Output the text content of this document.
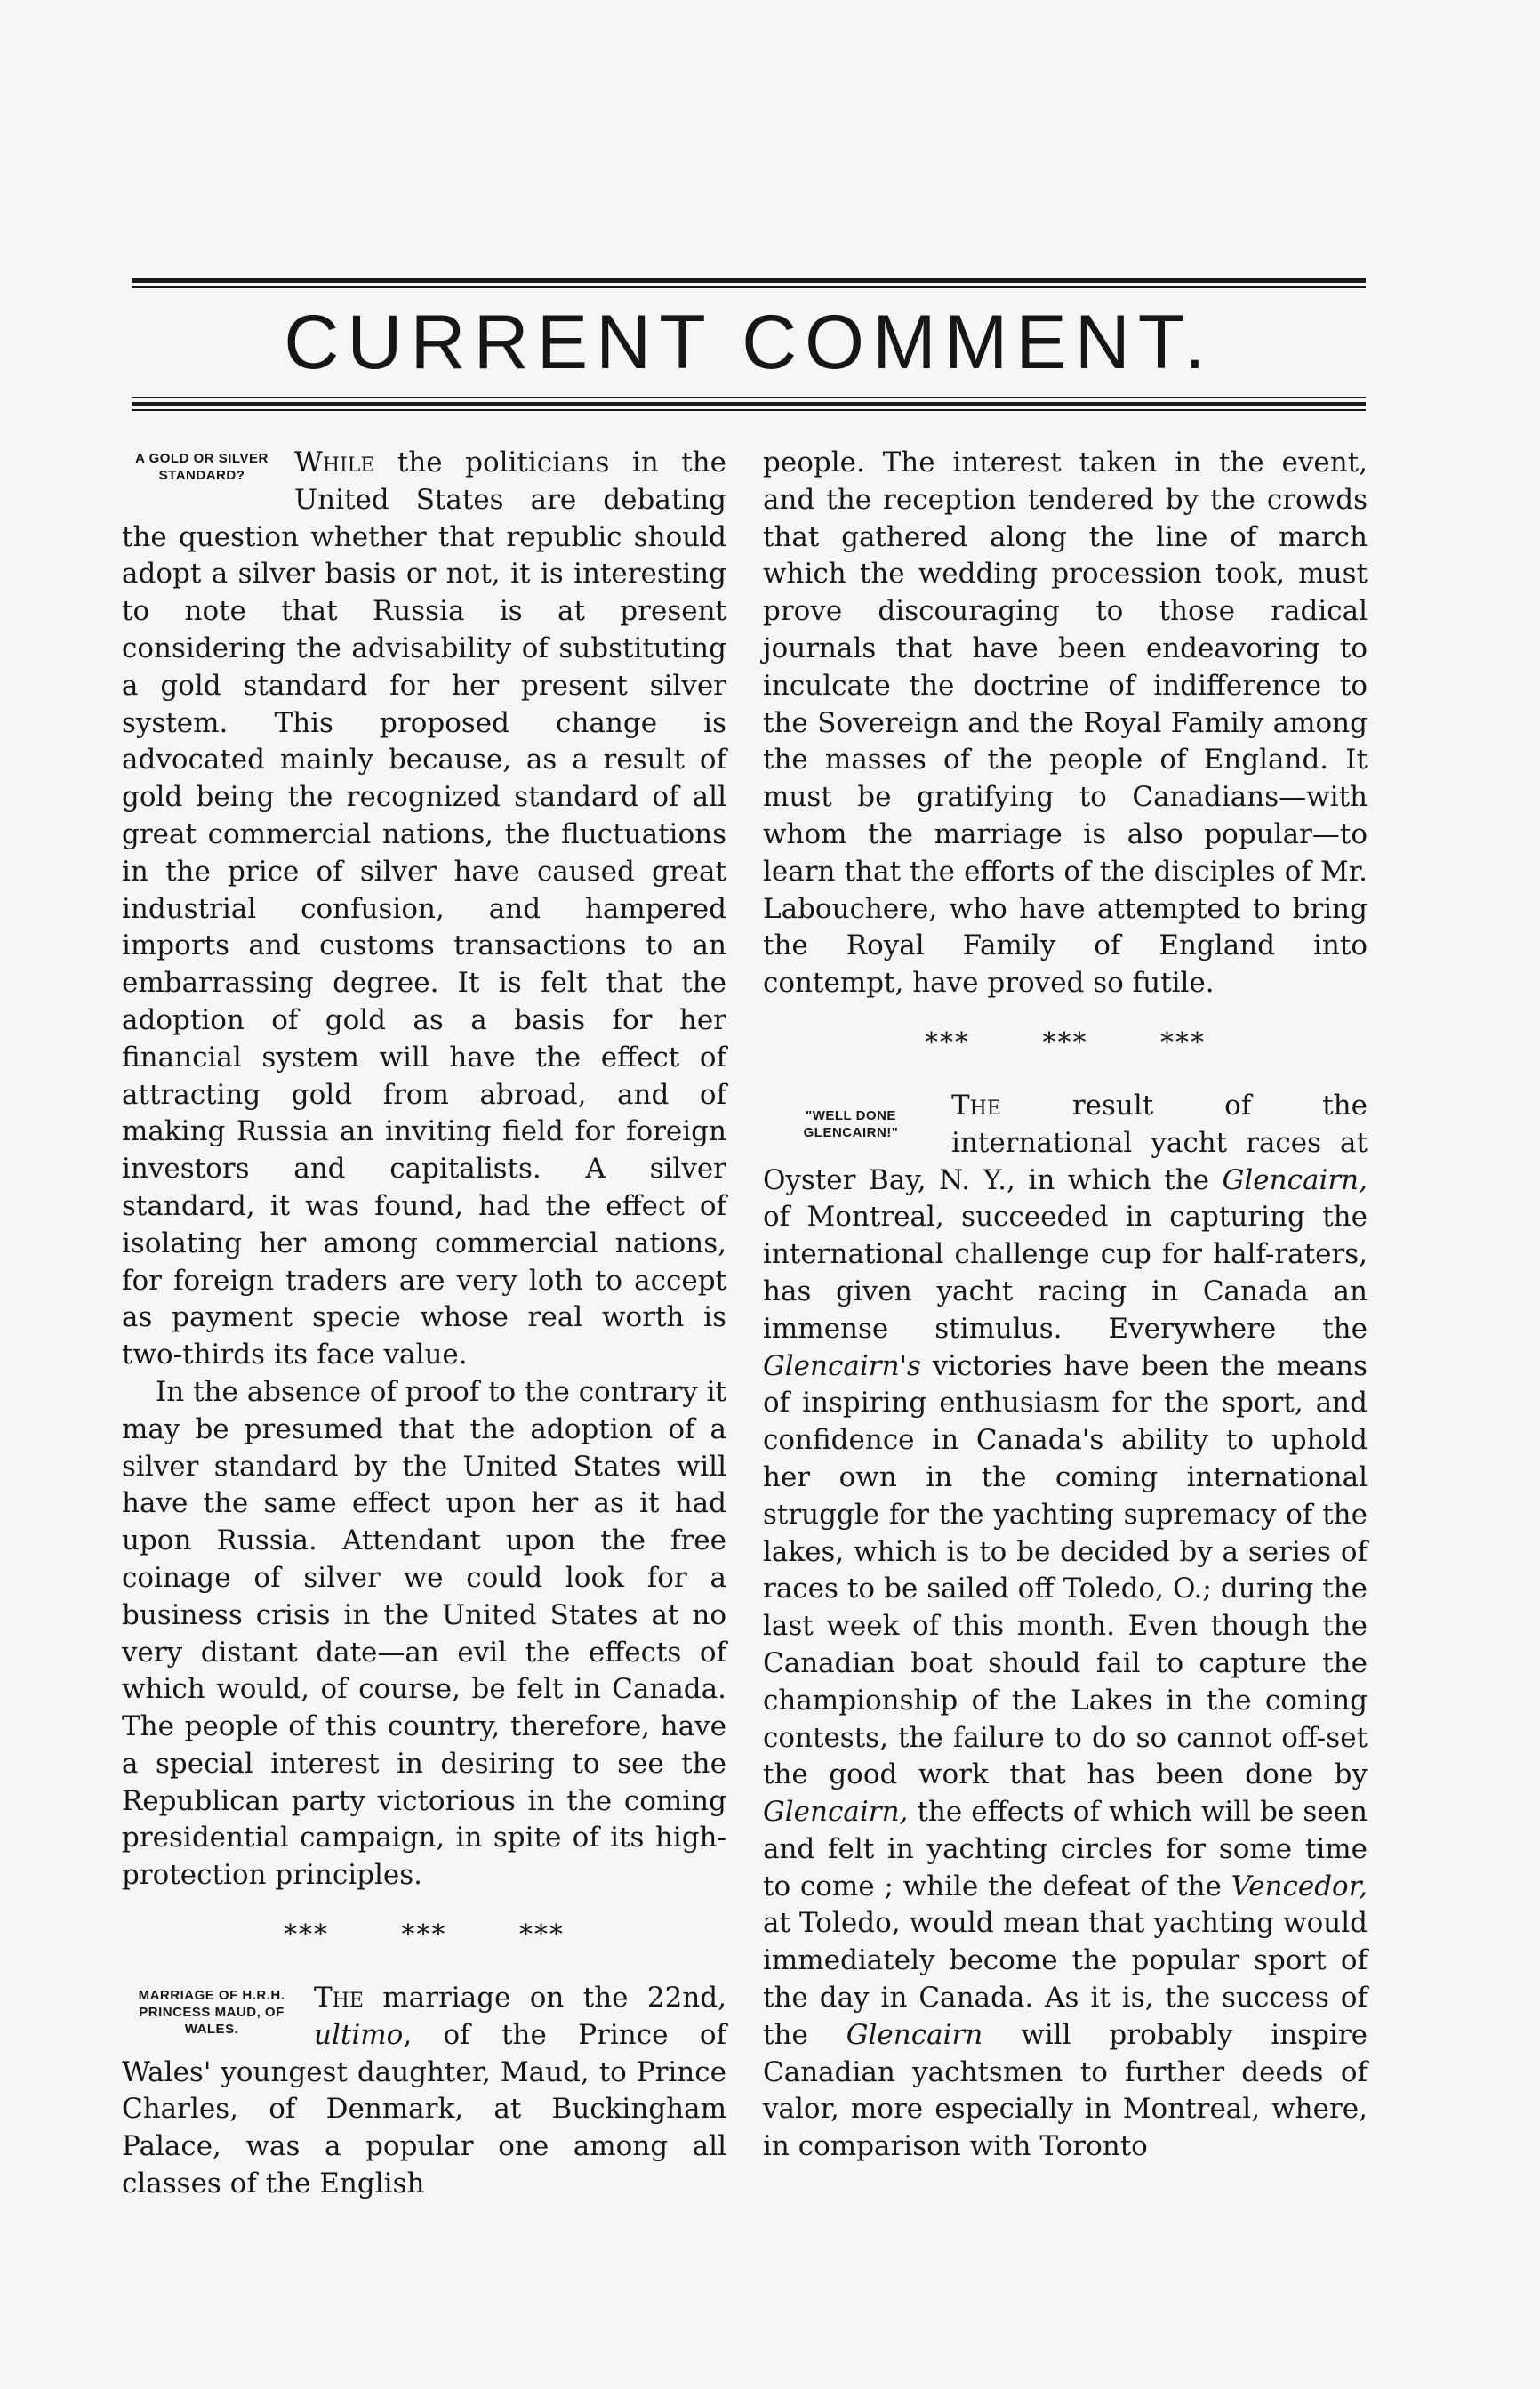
CURRENT COMMENT.
A GOLD OR SILVER STANDARD?	While the politicians in the United States are debating the question whether that republic should adopt a silver basis or not, it is interesting to note that Russia is at present considering the advisability of substituting a gold standard for her present silver system. This proposed change is advocated mainly because, as a result of gold being the recognized standard of all great commercial nations, the fluctuations in the price of silver have caused great industrial confusion, and hampered imports and customs transactions to an embarrassing degree. It is felt that the adoption of gold as a basis for her financial system will have the effect of attracting gold from abroad, and of making Russia an inviting field for foreign investors and capitalists. A silver standard, it was found, had the effect of isolating her among commercial nations, for foreign traders are very loth to accept as payment specie whose real worth is two-thirds its face value.

In the absence of proof to the contrary it may be presumed that the adoption of a silver standard by the United States will have the same effect upon her as it had upon Russia. Attendant upon the free coinage of silver we could look for a business crisis in the United States at no very distant date—an evil the effects of which would, of course, be felt in Canada. The people of this country, therefore, have a special interest in desiring to see the Republican party victorious in the coming presidential campaign, in spite of its high-protection principles.

*** *** ***
MARRIAGE OF H.R.H. PRINCESS MAUD, OF WALES.

The marriage on the 22nd, ultimo, of the Prince of Wales' youngest daughter, Maud, to Prince Charles, of Denmark, at Buckingham Palace, was a popular one among all classes of the English

people. The interest taken in the event, and the reception tendered by the crowds that gathered along the line of march which the wedding procession took, must prove discouraging to those radical journals that have been endeavoring to inculcate the doctrine of indifference to the Sovereign and the Royal Family among the masses of the people of England. It must be gratifying to Canadians—with whom the marriage is also popular—to learn that the efforts of the disciples of Mr. Labouchere, who have attempted to bring the Royal Family of England into contempt, have proved so futile.

*** *** ***
"WELL DONE GLENCAIRN!"

The result of the international yacht races at Oyster Bay, N. Y., in which the Glencairn, of Montreal, succeeded in capturing the international challenge cup for half-raters, has given yacht racing in Canada an immense stimulus. Everywhere the Glencairn's victories have been the means of inspiring enthusiasm for the sport, and confidence in Canada's ability to uphold her own in the coming international struggle for the yachting supremacy of the lakes, which is to be decided by a series of races to be sailed off Toledo, O.; during the last week of this month. Even though the Canadian boat should fail to capture the championship of the Lakes in the coming contests, the failure to do so cannot off-set the good work that has been done by Glencairn, the effects of which will be seen and felt in yachting circles for some time to come ; while the defeat of the Vencedor, at Toledo, would mean that yachting would immediately become the popular sport of the day in Canada. As it is, the success of the Glencairn will probably inspire Canadian yachtsmen to further deeds of valor, more especially in Montreal, where, in comparison with Toronto
